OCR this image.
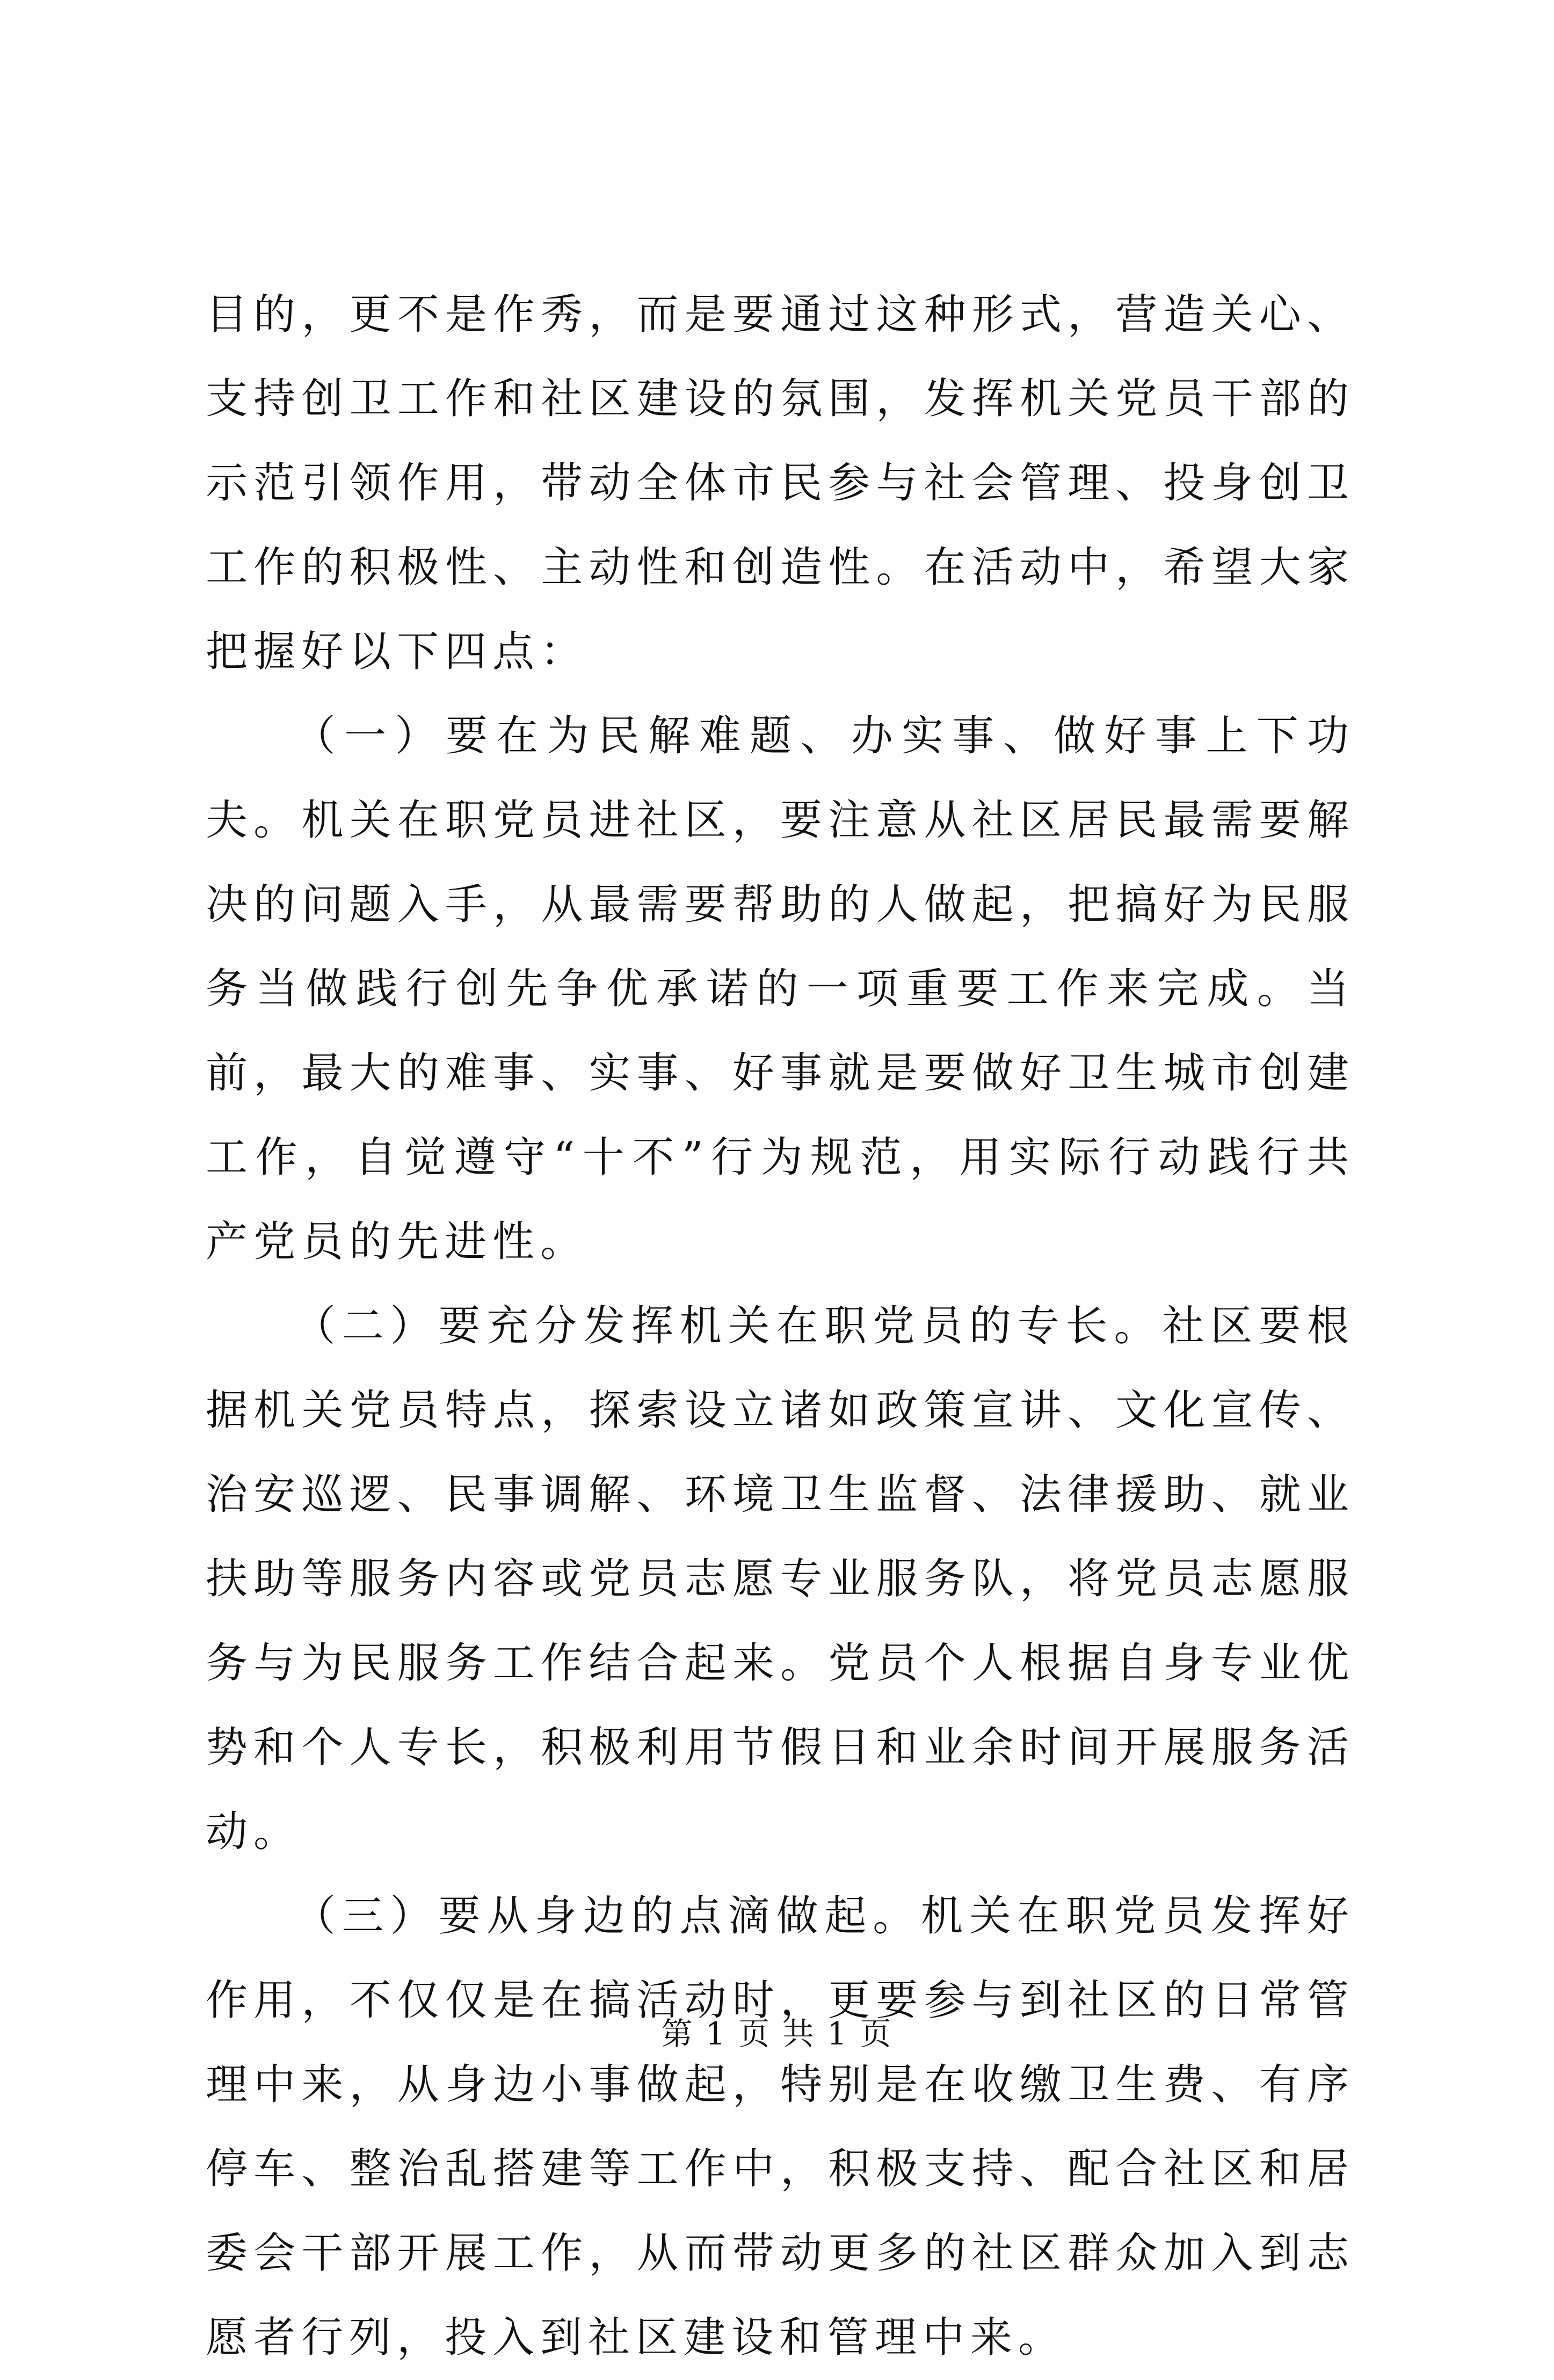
目的，更不是作秀，而是要通过这种形式，营造关心、支持创卫工作和社区建设的氛围，发挥机关党员干部的示范引领作用，带动全体市民参与社会管理、投身创卫工作的积极性、主动性和创造性。在活动中，希望大家把握好以下四点：

（一）要在为民解难题、办实事、做好事上下功夫。机关在职党员进社区，要注意从社区居民最需要解决的问题入手，从最需要帮助的人做起，把搞好为民服务当做践行创先争优承诺的一项重要工作来完成。当前，最大的难事、实事、好事就是要做好卫生城市创建工作，自觉遵守“十不”行为规范，用实际行动践行共产党员的先进性。

（二）要充分发挥机关在职党员的专长。社区要根据机关党员特点，探索设立诸如政策宣讲、文化宣传、治安巡逻、民事调解、环境卫生监督、法律援助、就业扶助等服务内容或党员志愿专业服务队，将党员志愿服务与为民服务工作结合起来。党员个人根据自身专业优势和个人专长，积极利用节假日和业余时间开展服务活动。

（三）要从身边的点滴做起。机关在职党员发挥好作用，不仅仅是在搞活动时，更要参与到社区的日常管理中来，从身边小事做起，特别是在收缴卫生费、有序停车、整治乱搭建等工作中，积极支持、配合社区和居委会干部开展工作，从而带动更多的社区群众加入到志愿者行列，投入到社区建设和管理中来。

第 1 页 共 1 页
